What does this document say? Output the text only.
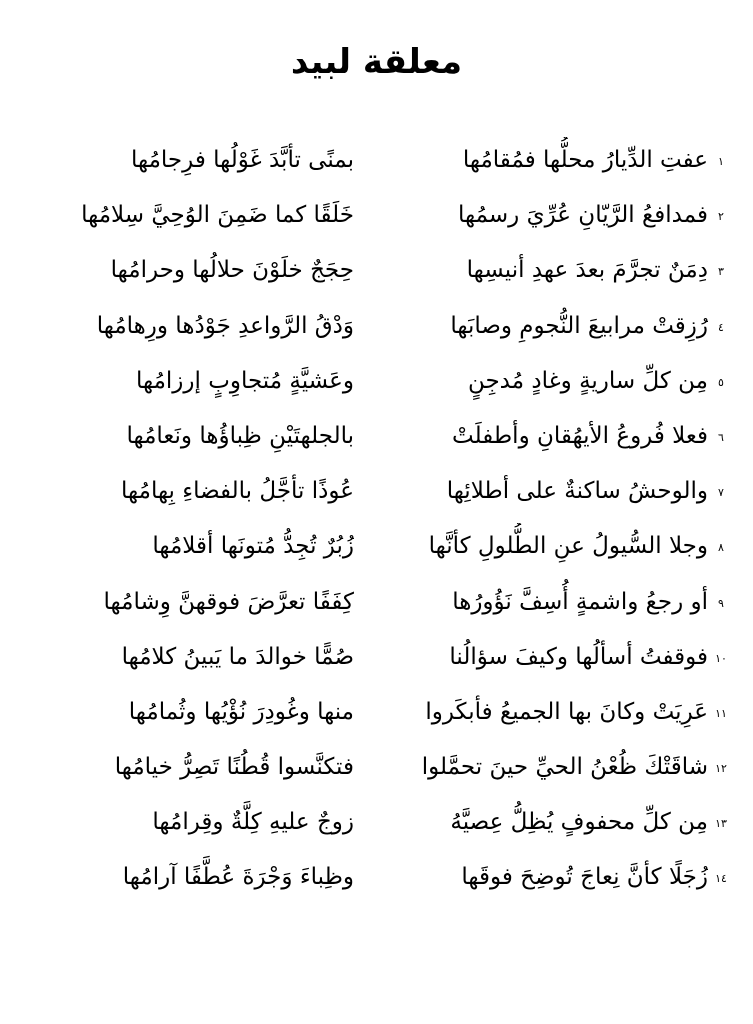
معلقة لبيد
١
عفتِ الدِّيارُ محلُّها فمُقامُها
بمنًى تأبَّدَ غَوْلُها فرِجامُها
٢
فمدافعُ الرَّيّانِ عُرِّيَ رسمُها
خَلَقًا كما ضَمِنَ الوُحِيَّ سِلامُها
٣
دِمَنٌ تجرَّمَ بعدَ عهدِ أنيسِها
حِجَجٌ خلَوْنَ حلالُها وحرامُها
٤
رُزِقتْ مرابيعَ النُّجومِ وصابَها
وَدْقُ الرَّواعدِ جَوْدُها ورِهامُها
٥
مِن كلِّ ساريةٍ وغادٍ مُدجِنٍ
وعَشيَّةٍ مُتجاوِبٍ إرزامُها
٦
فعلا فُروعُ الأيهُقانِ وأطفلَتْ
بالجلهتَيْنِ ظِباؤُها ونَعامُها
٧
والوحشُ ساكنةٌ على أطلائِها
عُوذًا تأجَّلُ بالفضاءِ بِهامُها
٨
وجلا السُّيولُ عنِ الطُّلولِ كأنَّها
زُبُرٌ تُجِدُّ مُتونَها أقلامُها
٩
أو رجعُ واشمةٍ أُسِفَّ نَؤُورُها
كِفَفًا تعرَّضَ فوقهنَّ وِشامُها
١٠
فوقفتُ أسألُها وكيفَ سؤالُنا
صُمًّا خوالدَ ما يَبينُ كلامُها
١١
عَرِيَتْ وكانَ بها الجميعُ فأبكَروا
منها وغُودِرَ نُؤْيُها وثُمامُها
١٢
شاقَتْكَ ظُعْنُ الحيِّ حينَ تحمَّلوا
فتكنَّسوا قُطُنًا تَصِرُّ خيامُها
١٣
مِن كلِّ محفوفٍ يُظِلُّ عِصيَّهُ
زوجٌ عليهِ كِلَّةٌ وقِرامُها
١٤
زُجَلًا كأنَّ نِعاجَ تُوضِحَ فوقَها
وظِباءَ وَجْرَةَ عُطَّفًا آرامُها
